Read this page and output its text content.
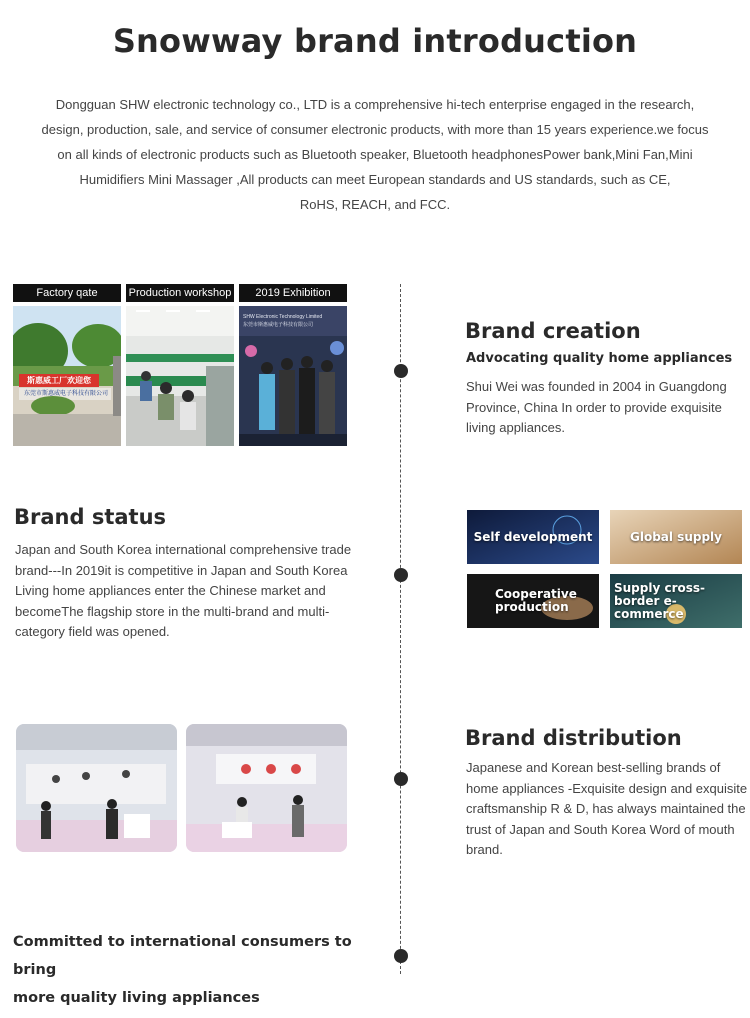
Snowway brand introduction
Dongguan SHW electronic technology co., LTD is a comprehensive hi-tech enterprise engaged in the research,
design, production, sale, and service of consumer electronic products, with more than 15 years experience.we focus
on all kinds of electronic products such as Bluetooth speaker, Bluetooth headphonesPower bank,Mini Fan,Mini
Humidifiers Mini Massager ,All products can meet European standards and US standards, such as CE,
RoHS, REACH, and FCC.
Factory qate	Production workshop	2019 Exhibition
斯惠威工厂欢迎您
东莞市斯惠威电子科技有限公司
SHW Electronic Technology Limited
东莞市斯惠威电子科技有限公司	Brand creation
Advocating quality home appliances
Shui Wei was founded in 2004 in Guangdong Province, China In order to provide exquisite living appliances.
Brand status
Japan and South Korea international comprehensive trade brand---In 2019it is competitive in Japan and South Korea Living home appliances enter the Chinese market and becomeThe flagship store in the multi-brand and multi-category field was opened.
Self development	Global supply
Cooperative production
Supply cross-border e-commerce
Brand distribution
Japanese and Korean best-selling brands of home appliances -Exquisite design and exquisite craftsmanship R & D, has always maintained the trust of Japan and South Korea Word of mouth brand.
Committed to international consumers to bring
more quality living appliances
